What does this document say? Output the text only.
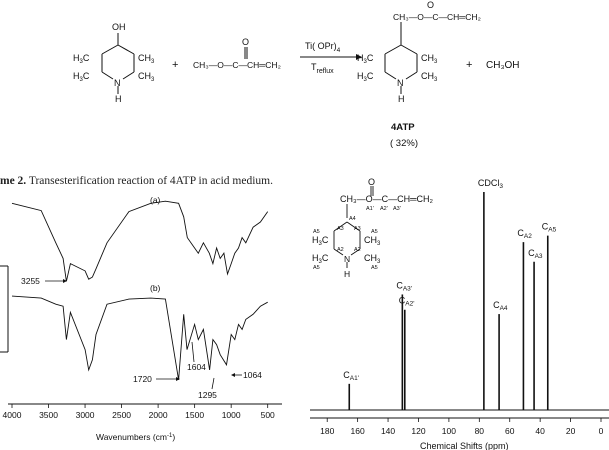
OH
N
H
$H_3C$
$H_3C$
$CH_3$
$CH_3$
+ CH₃—O—C—CH═CH₂
O	Ti( $OPr)_4$
$T_{reflux}$
CH₃—O—C—CH═CH₂
N
H
$H_3C$
$H_3C$
$CH_3$
$CH_3$
O
+ CH₃OH
4ATP
( 32%)
me 2. Transesterification reaction of 4ATP in acid medium.
4000 3500 3000 2500 2000 1500 1000 500
(a)
(b)
3255
1720
1604
1295
1064
Wavenumbers $(cm^{-1})$
180 160 140 120 100 80 60 40 20	0
CH₃—O—C—CH═CH₂
O
N
H
$H_3C$
$H_3C$
$CH_3$
$CH_3$
A1' A2' A3'
A4
A3 A3
A2 A2
A5	A5
A5	A5
$C_{A1'}$
$C_{A3'}$
$C_{A2'}$
CDCl$_3$
$C_{A4}$
$C_{A2}$
$C_{A3}$
$C_{A5}$
Chemical Shifts (ppm)
